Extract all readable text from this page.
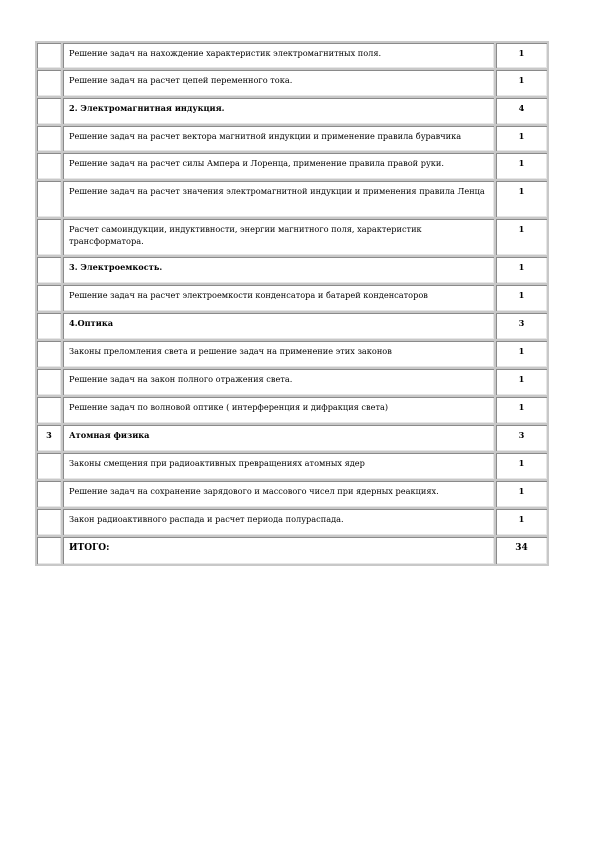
	Решение задач на нахождение характеристик электромагнитных поля.	1
	Решение задач на расчет цепей переменного тока.	1
	2. Электромагнитная индукция.	4
	Решение задач на расчет вектора магнитной индукции и применение правила буравчика	1
	Решение задач на расчет силы Ампера и Лоренца, применение правила правой руки.	1
	Решение задач на расчет значения электромагнитной индукции и применения правила Ленца	1
	Расчет самоиндукции, индуктивности, энергии магнитного поля, характеристик трансформатора.	1
	3. Электроемкость.	1
	Решение задач на расчет электроемкости конденсатора и батарей конденсаторов	1
	4.Оптика	3
	Законы преломления света и решение задач на применение этих законов	1
	Решение задач на закон полного отражения света.	1
	Решение задач по волновой оптике ( интерференция и дифракция света)	1
3	Атомная физика	3
	Законы смещения при радиоактивных превращениях атомных ядер	1
	Решение задач на сохранение зарядового и массового чисел при ядерных реакциях.	1
	Закон радиоактивного распада и расчет периода полураспада.	1
	ИТОГО:	34
